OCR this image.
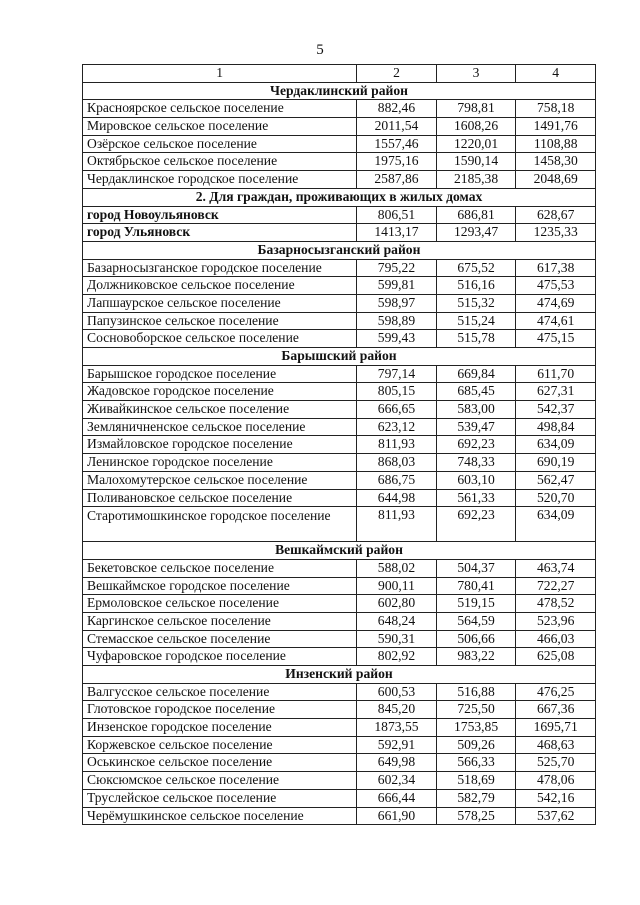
5
1	2	3	4
Чердаклинский район			
Красноярское сельское поселение	882,46	798,81	758,18
Мировское сельское поселение	2011,54	1608,26	1491,76
Озёрское сельское поселение	1557,46	1220,01	1108,88
Октябрьское сельское поселение	1975,16	1590,14	1458,30
Чердаклинское городское поселение	2587,86	2185,38	2048,69
2. Для граждан, проживающих в жилых домах			
город Новоульяновск	806,51	686,81	628,67
город Ульяновск	1413,17	1293,47	1235,33
Базарносызганский район			
Базарносызганское городское поселение	795,22	675,52	617,38
Должниковское сельское поселение	599,81	516,16	475,53
Лапшаурское сельское поселение	598,97	515,32	474,69
Папузинское сельское поселение	598,89	515,24	474,61
Сосновоборское сельское поселение	599,43	515,78	475,15
Барышский район			
Барышское городское поселение	797,14	669,84	611,70
Жадовское городское поселение	805,15	685,45	627,31
Живайкинское сельское поселение	666,65	583,00	542,37
Земляничненское сельское поселение	623,12	539,47	498,84
Измайловское городское поселение	811,93	692,23	634,09
Ленинское городское поселение	868,03	748,33	690,19
Малохомутерское сельское поселение	686,75	603,10	562,47
Поливановское сельское поселение	644,98	561,33	520,70
Старотимошкинское городское поселение	811,93	692,23	634,09
Вешкаймский район			
Бекетовское сельское поселение	588,02	504,37	463,74
Вешкаймское городское поселение	900,11	780,41	722,27
Ермоловское сельское поселение	602,80	519,15	478,52
Каргинское сельское поселение	648,24	564,59	523,96
Стемасское сельское поселение	590,31	506,66	466,03
Чуфаровское городское поселение	802,92	983,22	625,08
Инзенский район			
Валгусское сельское поселение	600,53	516,88	476,25
Глотовское городское поселение	845,20	725,50	667,36
Инзенское городское поселение	1873,55	1753,85	1695,71
Коржевское сельское поселение	592,91	509,26	468,63
Оськинское сельское поселение	649,98	566,33	525,70
Сюксюмское сельское поселение	602,34	518,69	478,06
Труслейское сельское поселение	666,44	582,79	542,16
Черёмушкинское сельское поселение	661,90	578,25	537,62
